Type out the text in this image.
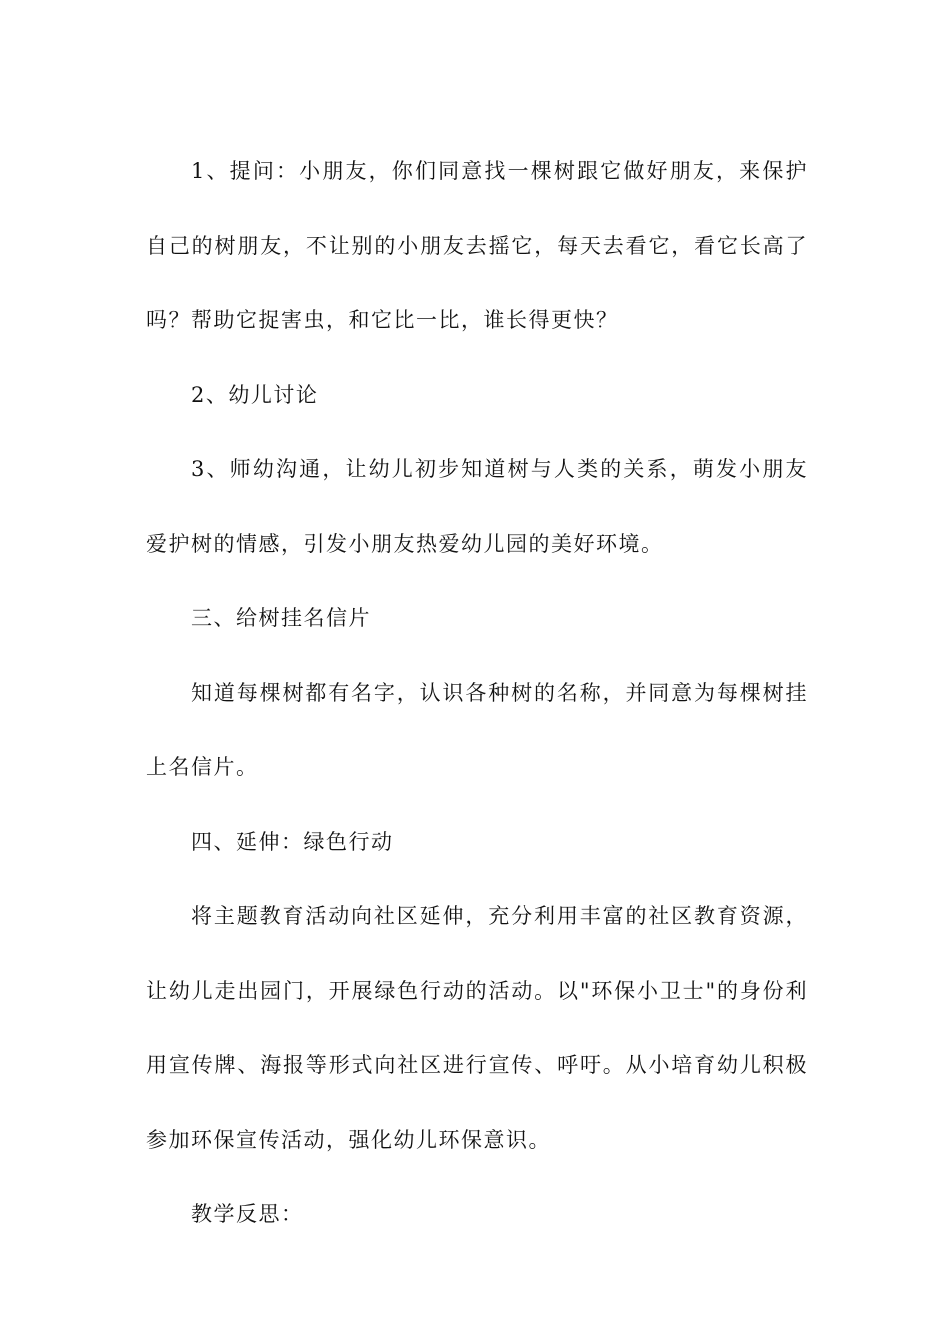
1、提问：小朋友，你们同意找一棵树跟它做好朋友，来保护自己的树朋友，不让别的小朋友去摇它，每天去看它，看它长高了吗？帮助它捉害虫，和它比一比，谁长得更快？

2、幼儿讨论

3、师幼沟通，让幼儿初步知道树与人类的关系，萌发小朋友爱护树的情感，引发小朋友热爱幼儿园的美好环境。

三、给树挂名信片

知道每棵树都有名字，认识各种树的名称，并同意为每棵树挂上名信片。

四、延伸：绿色行动

将主题教育活动向社区延伸，充分利用丰富的社区教育资源，让幼儿走出园门，开展绿色行动的活动。以"环保小卫士"的身份利用宣传牌、海报等形式向社区进行宣传、呼吁。从小培育幼儿积极参加环保宣传活动，强化幼儿环保意识。

教学反思：
